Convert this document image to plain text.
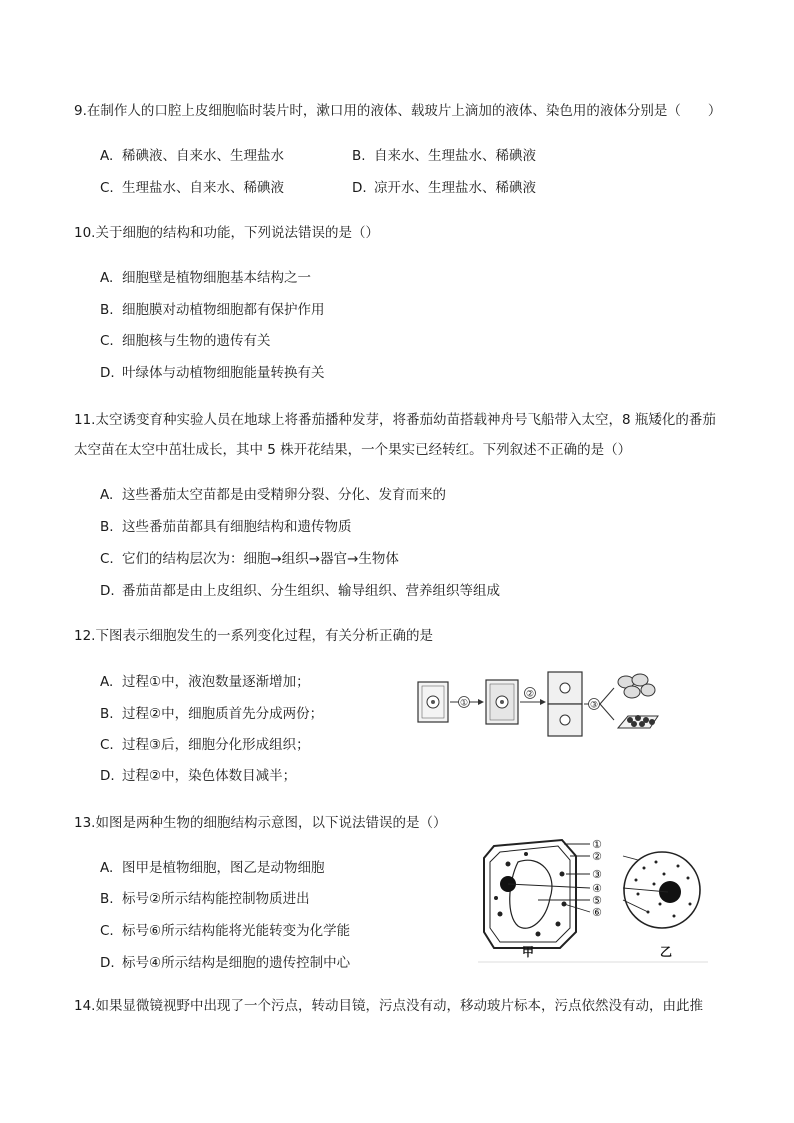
9.在制作人的口腔上皮细胞临时装片时，漱口用的液体、载玻片上滴加的液体、染色用的液体分别是（　　）
A. 稀碘液、自来水、生理盐水	B. 自来水、生理盐水、稀碘液
C. 生理盐水、自来水、稀碘液	D. 凉开水、生理盐水、稀碘液
10.关于细胞的结构和功能，下列说法错误的是（）
A. 细胞壁是植物细胞基本结构之一
B. 细胞膜对动植物细胞都有保护作用
C. 细胞核与生物的遗传有关
D. 叶绿体与动植物细胞能量转换有关
11.太空诱变育种实验人员在地球上将番茄播种发芽，将番茄幼苗搭载神舟号飞船带入太空，8 瓶矮化的番茄太空苗在太空中茁壮成长，其中 5 株开花结果，一个果实已经转红。下列叙述不正确的是（）
A. 这些番茄太空苗都是由受精卵分裂、分化、发育而来的
B. 这些番茄苗都具有细胞结构和遗传物质
C. 它们的结构层次为：细胞→组织→器官→生物体
D. 番茄苗都是由上皮组织、分生组织、输导组织、营养组织等组成
12.下图表示细胞发生的一系列变化过程，有关分析正确的是
A. 过程①中，液泡数量逐渐增加；
B. 过程②中，细胞质首先分成两份；
C. 过程③后，细胞分化形成组织；
D. 过程②中，染色体数目减半；
①
②
③
13.如图是两种生物的细胞结构示意图，以下说法错误的是（）
A. 图甲是植物细胞，图乙是动物细胞
B. 标号②所示结构能控制物质进出
C. 标号⑥所示结构能将光能转变为化学能
D. 标号④所示结构是细胞的遗传控制中心
①
②
③
④
⑤
⑥
甲	乙
14.如果显微镜视野中出现了一个污点，转动目镜，污点没有动，移动玻片标本，污点依然没有动，由此推
